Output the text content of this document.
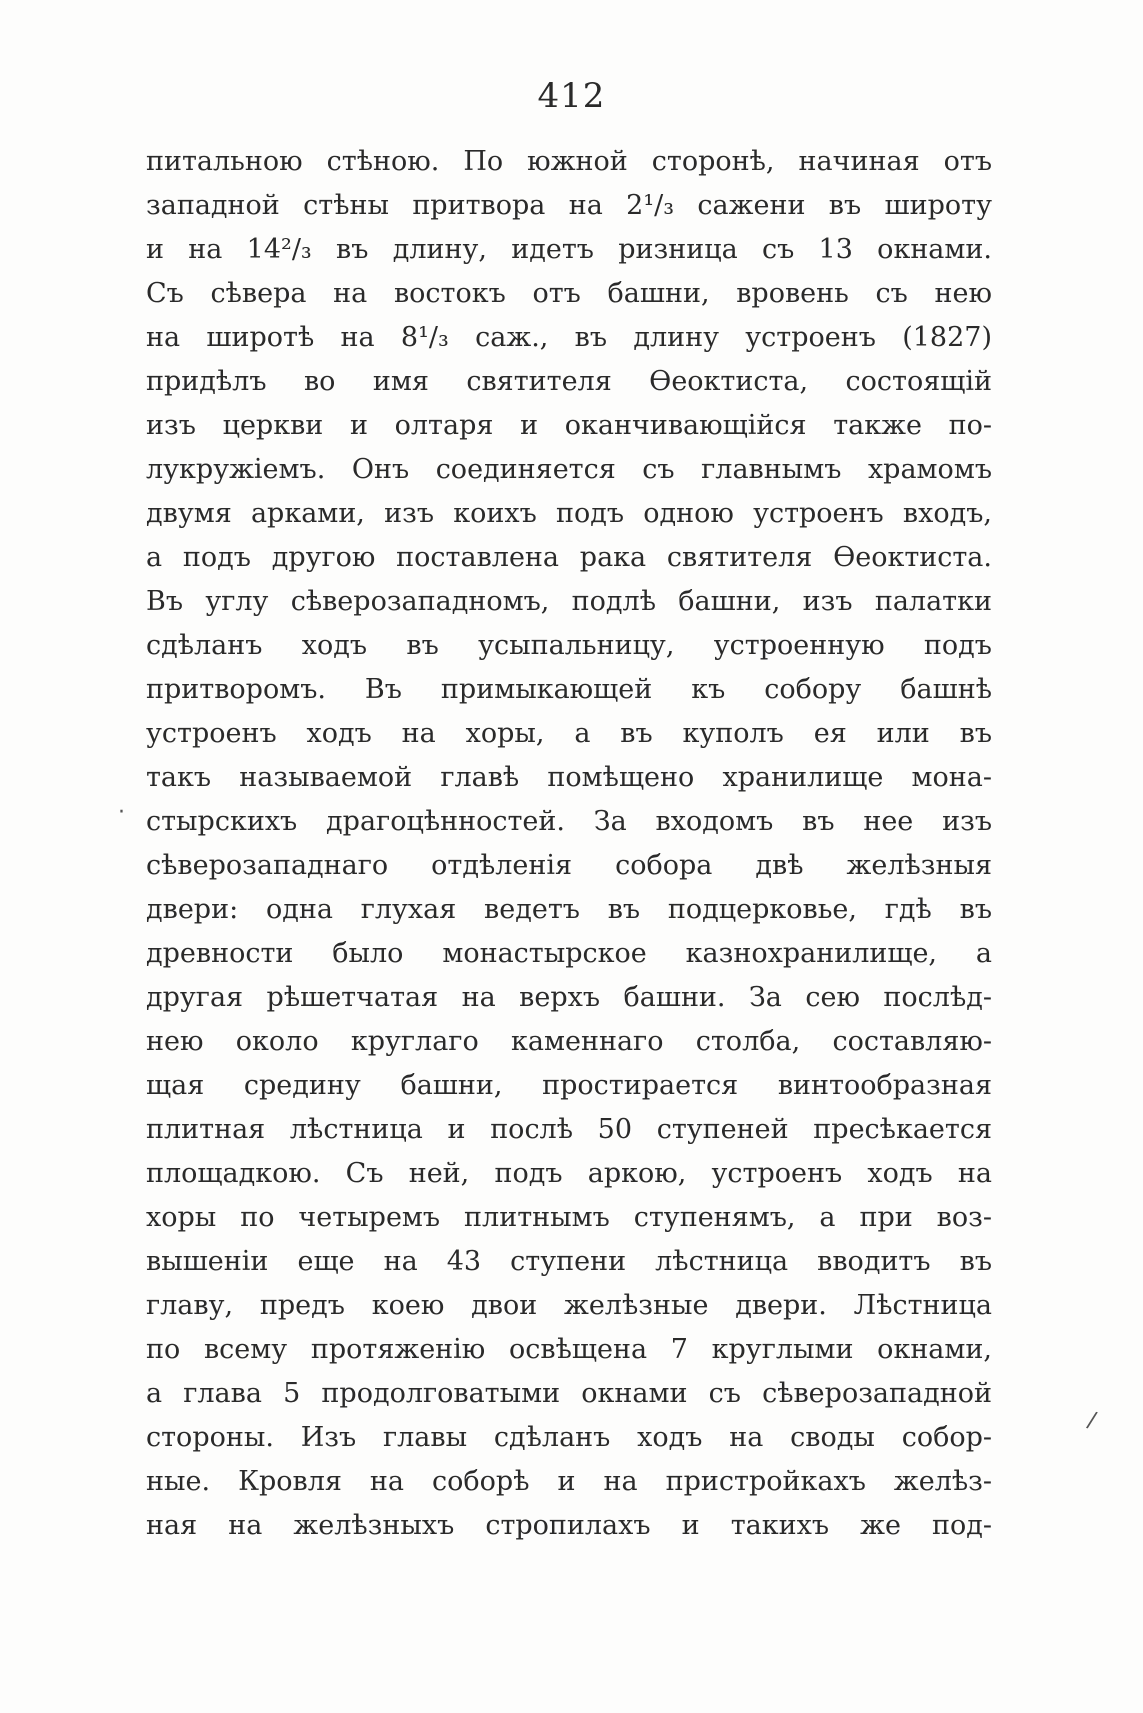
412
питальною стѣною. По южной сторонѣ, начиная отъ
западной стѣны притвора на 2¹/₃ сажени въ широту
и на 14²/₃ въ длину, идетъ ризница съ 13 окнами.
Съ сѣвера на востокъ отъ башни, вровень съ нею
на широтѣ на 8¹/₃ саж., въ длину устроенъ (1827)
придѣлъ во имя святителя Ѳеоктиста, состоящій
изъ церкви и олтаря и оканчивающійся также по-
лукружіемъ. Онъ соединяется съ главнымъ храмомъ
двумя арками, изъ коихъ подъ одною устроенъ входъ,
а подъ другою поставлена рака святителя Ѳеоктиста.
Въ углу сѣверозападномъ, подлѣ башни, изъ палатки
сдѣланъ ходъ въ усыпальницу, устроенную подъ
притворомъ. Въ примыкающей къ собору башнѣ
устроенъ ходъ на хоры, а въ куполъ ея или въ
такъ называемой главѣ помѣщено хранилище мона-
стырскихъ драгоцѣнностей. За входомъ въ нее изъ
сѣверозападнаго отдѣленія собора двѣ желѣзныя
двери: одна глухая ведетъ въ подцерковье, гдѣ въ
древности было монастырское казнохранилище, а
другая рѣшетчатая на верхъ башни. За сею послѣд-
нею около круглаго каменнаго столба, составляю-
щая средину башни, простирается винтообразная
плитная лѣстница и послѣ 50 ступеней пресѣкается
площадкою. Съ ней, подъ аркою, устроенъ ходъ на
хоры по четыремъ плитнымъ ступенямъ, а при воз-
вышеніи еще на 43 ступени лѣстница вводитъ въ
главу, предъ коею двои желѣзные двери. Лѣстница
по всему протяженію освѣщена 7 круглыми окнами,
а глава 5 продолговатыми окнами съ сѣверозападной
стороны. Изъ главы сдѣланъ ходъ на своды собор-
ные. Кровля на соборѣ и на пристройкахъ желѣз-
ная на желѣзныхъ стропилахъ и такихъ же под-
·
/
